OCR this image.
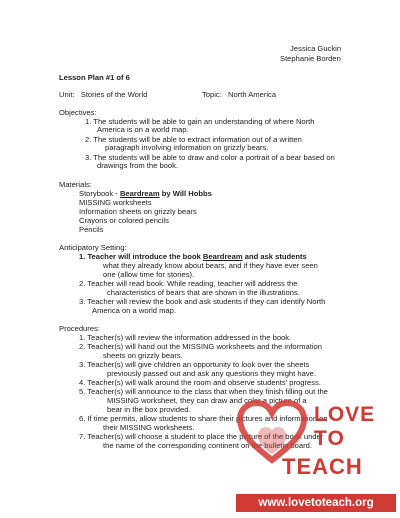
Jessica Guckin
Stephanie Borden
Lesson Plan #1 of 6
Unit: Stories of the World	Topic: North America
Objectives:
1. The students will be able to gain an understanding of where North
America is on a world map.
2. The students will be able to extract information out of a written
paragraph involving information on grizzly bears.
3. The students will be able to draw and color a portrait of a bear based on
drawings from the book.
Materials:
Storybook - Beardream by Will Hobbs
MISSING worksheets
Information sheets on grizzly bears
Crayons or colored pencils
Pencils
Anticipatory Setting:
1. Teacher will introduce the book Beardream and ask students
what they already know about bears, and if they have ever seen
one (allow time for stories).
2. Teacher will read book. While reading, teacher will address the
characteristics of bears that are shown in the illustrations.
3. Teacher will review the book and ask students if they can identify North
America on a world map.
Procedures:
1. Teacher(s) will review the information addressed in the book.
2. Teacher(s) will hand out the MISSING worksheets and the information
sheets on grizzly bears.
3. Teacher(s) will give children an opportunity to look over the sheets
previously passed out and ask any questions they might have.
4. Teacher(s) will walk around the room and observe students' progress.
5. Teacher(s) will announce to the class that when they finish filling out the
MISSING worksheet, they can draw and color a picture of a
bear in the box provided.
6. If time permits, allow students to share their pictures and information on
their MISSING worksheets.
7. Teacher(s) will choose a student to place the picture of the book under
the name of the corresponding continent on the bulletin board.
LOVE
TO
TEACH
www.lovetoteach.org
